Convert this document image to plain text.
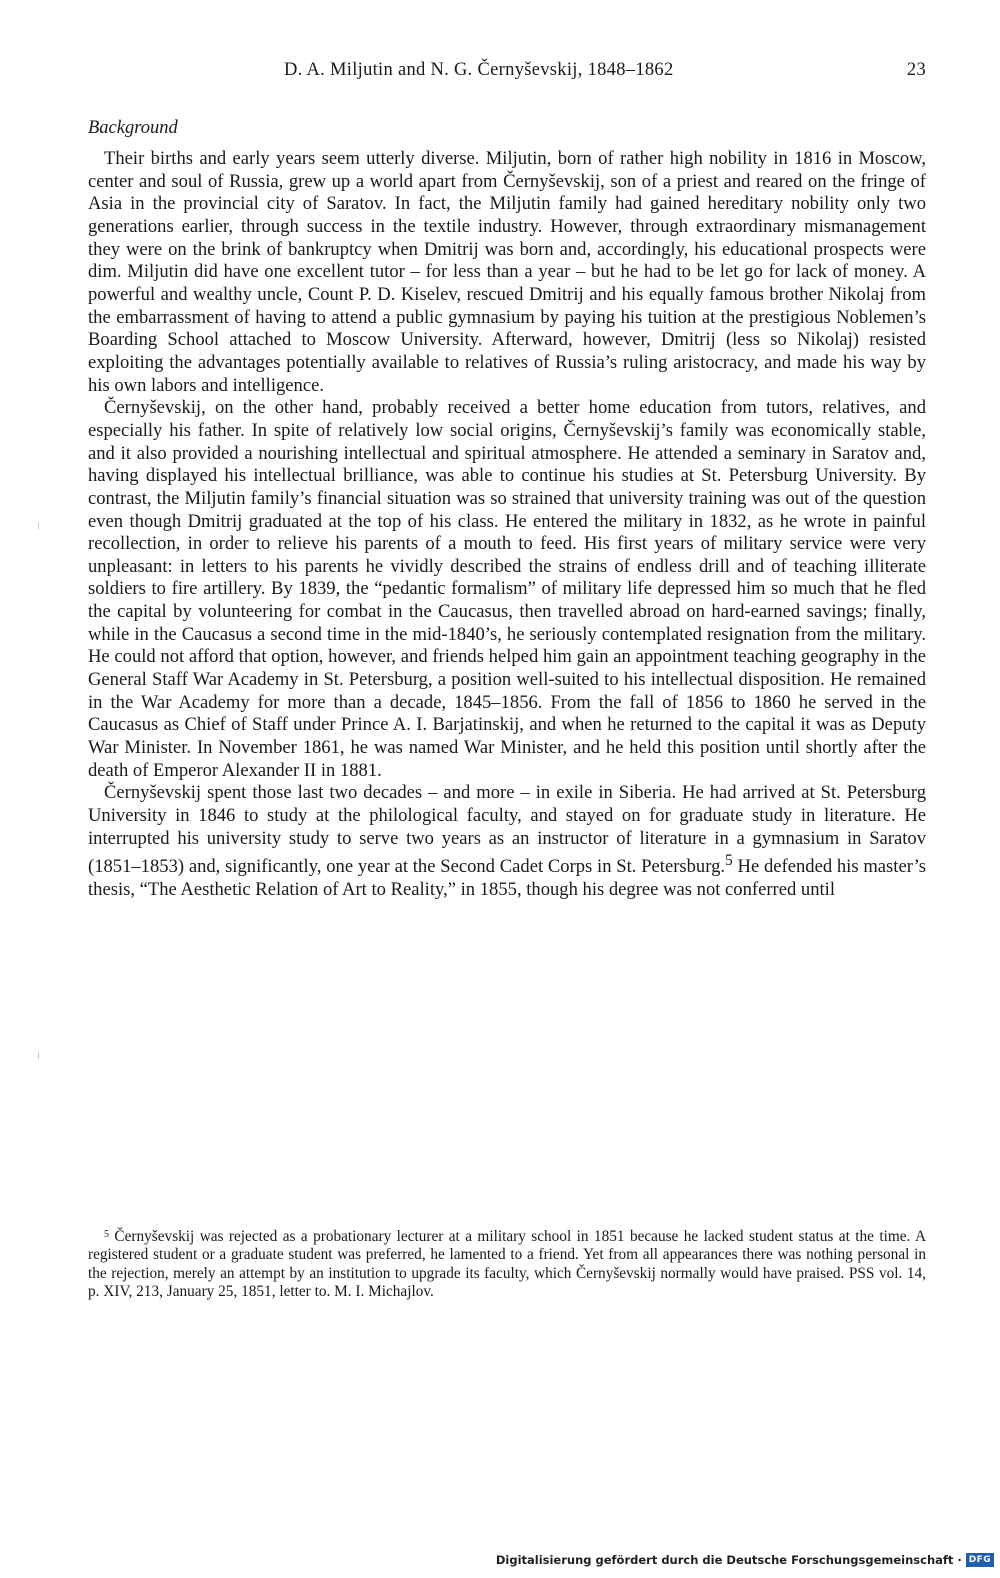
D. A. Miljutin and N. G. Černyševskij, 1848–1862	23
Background

Their births and early years seem utterly diverse. Miljutin, born of rather high nobility in 1816 in Moscow, center and soul of Russia, grew up a world apart from Černyševskij, son of a priest and reared on the fringe of Asia in the provincial city of Saratov. In fact, the Miljutin family had gained hereditary nobility only two generations earlier, through success in the textile industry. However, through extraordinary mismanagement they were on the brink of bankruptcy when Dmitrij was born and, accordingly, his educational prospects were dim. Miljutin did have one excellent tutor – for less than a year – but he had to be let go for lack of money. A powerful and wealthy uncle, Count P. D. Kiselev, rescued Dmitrij and his equally famous brother Nikolaj from the embarrassment of having to attend a public gymnasium by paying his tuition at the prestigious Noblemen’s Boarding School attached to Moscow University. Afterward, however, Dmitrij (less so Nikolaj) resisted exploiting the advantages potentially available to relatives of Russia’s ruling aristocracy, and made his way by his own labors and intelligence.

Černyševskij, on the other hand, probably received a better home education from tutors, relatives, and especially his father. In spite of relatively low social origins, Černyševskij’s family was economically stable, and it also provided a nourishing intellectual and spiritual atmosphere. He attended a seminary in Saratov and, having displayed his intellectual brilliance, was able to continue his studies at St. Petersburg University. By contrast, the Miljutin family’s financial situation was so strained that university training was out of the question even though Dmitrij graduated at the top of his class. He entered the military in 1832, as he wrote in painful recollection, in order to relieve his parents of a mouth to feed. His first years of military service were very unpleasant: in letters to his parents he vividly described the strains of endless drill and of teaching illiterate soldiers to fire artillery. By 1839, the “pedantic formalism” of military life depressed him so much that he fled the capital by volunteering for combat in the Caucasus, then travelled abroad on hard-earned savings; finally, while in the Caucasus a second time in the mid-1840’s, he seriously contemplated resignation from the military. He could not afford that option, however, and friends helped him gain an appointment teaching geography in the General Staff War Academy in St. Petersburg, a position well-suited to his intellectual disposition. He remained in the War Academy for more than a decade, 1845–1856. From the fall of 1856 to 1860 he served in the Caucasus as Chief of Staff under Prince A. I. Barjatinskij, and when he returned to the capital it was as Deputy War Minister. In November 1861, he was named War Minister, and he held this position until shortly after the death of Emperor Alexander II in 1881.

Černyševskij spent those last two decades – and more – in exile in Siberia. He had arrived at St. Petersburg University in 1846 to study at the philological faculty, and stayed on for graduate study in literature. He interrupted his university study to serve two years as an instructor of literature in a gymnasium in Saratov (1851–1853) and, significantly, one year at the Second Cadet Corps in St. Petersburg.$^5$ He defended his master’s thesis, “The Aesthetic Relation of Art to Reality,” in 1855, though his degree was not conferred until

$^5$ Černyševskij was rejected as a probationary lecturer at a military school in 1851 because he lacked student status at the time. A registered student or a graduate student was preferred, he lamented to a friend. Yet from all appearances there was nothing personal in the rejection, merely an attempt by an institution to upgrade its faculty, which Černyševskij normally would have praised. PSS vol. 14, p. XIV, 213, January 25, 1851, letter to. M. I. Michajlov.
Digitalisierung gefördert durch die Deutsche Forschungsgemeinschaft · DFG
